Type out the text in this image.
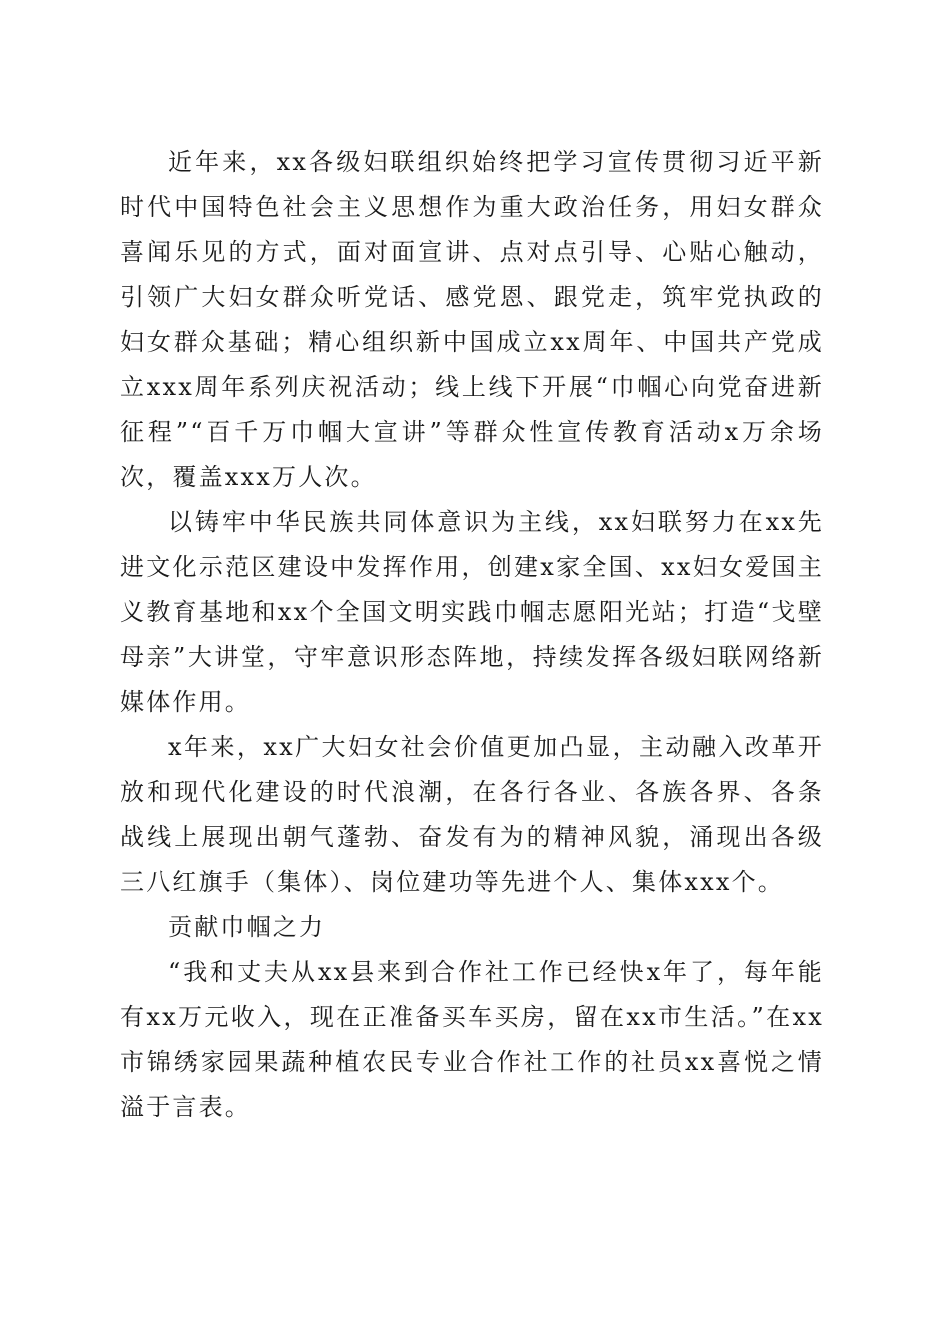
近年来，xx各级妇联组织始终把学习宣传贯彻习近平新时代中国特色社会主义思想作为重大政治任务，用妇女群众喜闻乐见的方式，面对面宣讲、点对点引导、心贴心触动，引领广大妇女群众听党话、感党恩、跟党走，筑牢党执政的妇女群众基础；精心组织新中国成立xx周年、中国共产党成立xxx周年系列庆祝活动；线上线下开展“巾帼心向党奋进新征程”“百千万巾帼大宣讲”等群众性宣传教育活动x万余场次，覆盖xxx万人次。

以铸牢中华民族共同体意识为主线，xx妇联努力在xx先进文化示范区建设中发挥作用，创建x家全国、xx妇女爱国主义教育基地和xx个全国文明实践巾帼志愿阳光站；打造“戈壁母亲”大讲堂，守牢意识形态阵地，持续发挥各级妇联网络新媒体作用。

x年来，xx广大妇女社会价值更加凸显，主动融入改革开放和现代化建设的时代浪潮，在各行各业、各族各界、各条战线上展现出朝气蓬勃、奋发有为的精神风貌，涌现出各级三八红旗手（集体）、岗位建功等先进个人、集体xxx个。

贡献巾帼之力

“我和丈夫从xx县来到合作社工作已经快x年了，每年能有xx万元收入，现在正准备买车买房，留在xx市生活。”在xx市锦绣家园果蔬种植农民专业合作社工作的社员xx喜悦之情溢于言表。
